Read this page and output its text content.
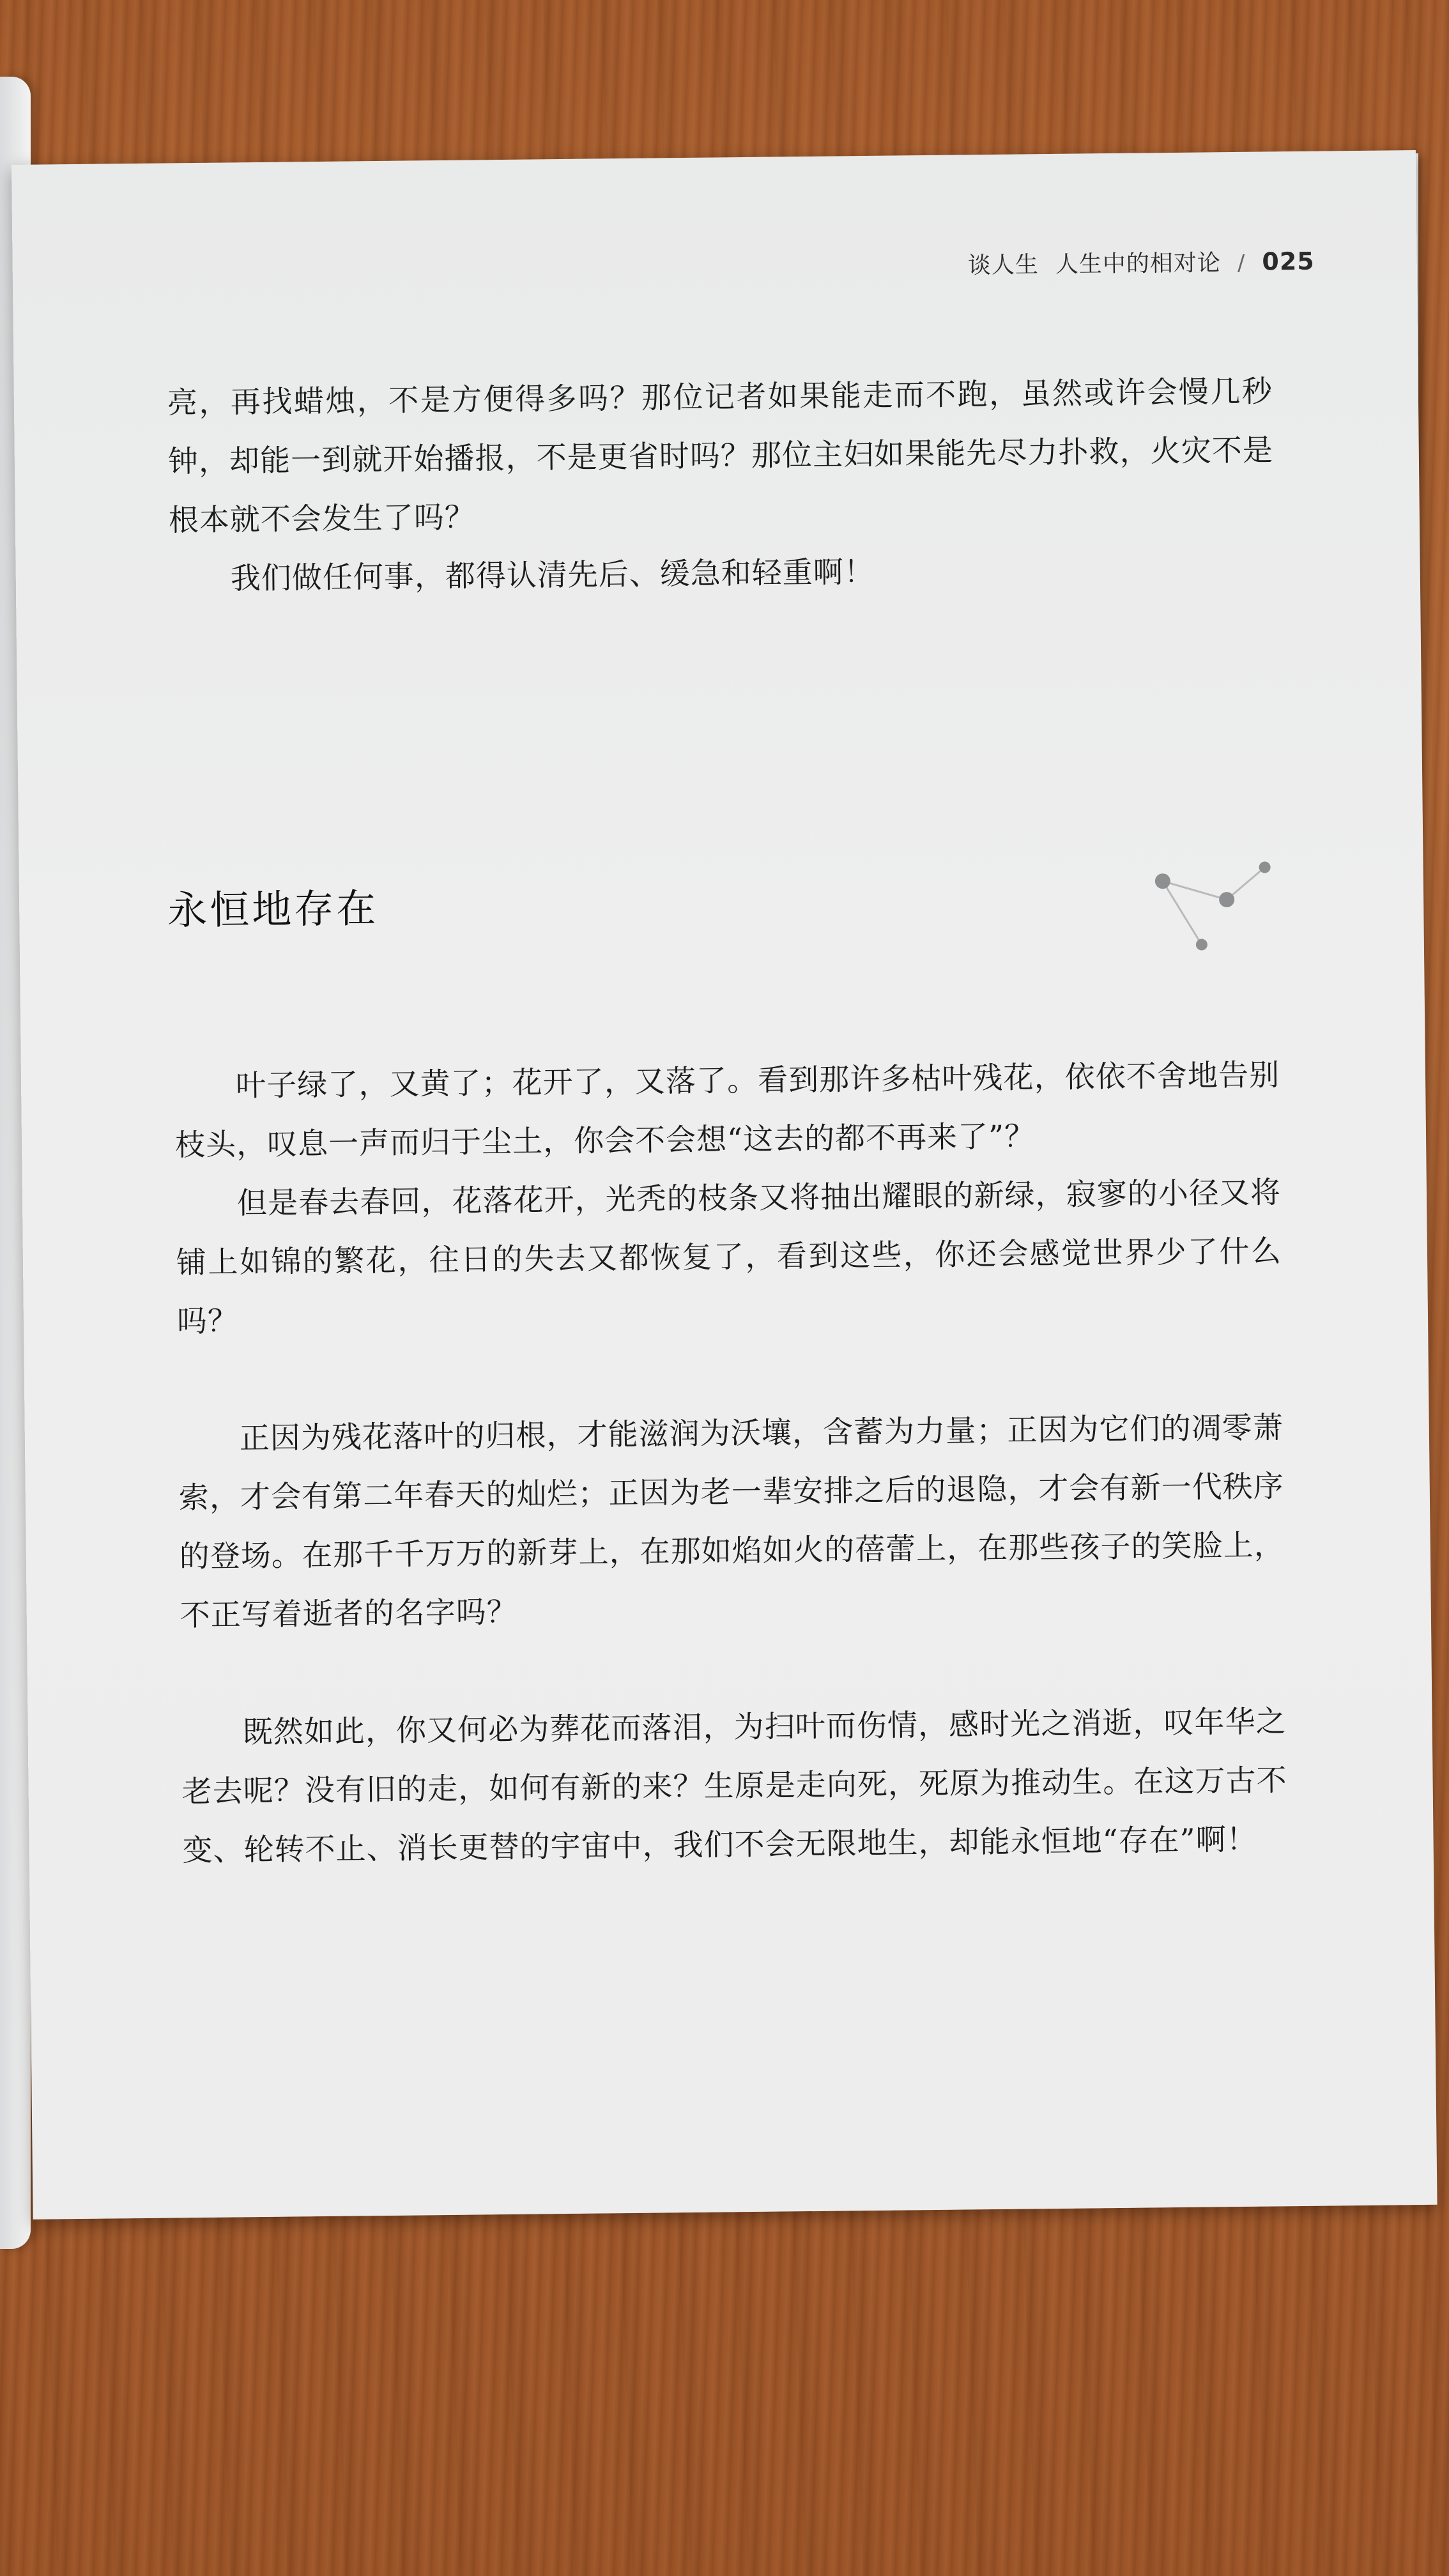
谈人生 人生中的相对论 / 025

亮，再找蜡烛，不是方便得多吗？那位记者如果能走而不跑，虽然或许会慢几秒钟，却能一到就开始播报，不是更省时吗？那位主妇如果能先尽力扑救，火灾不是根本就不会发生了吗？

我们做任何事，都得认清先后、缓急和轻重啊！

永恒地存在

叶子绿了，又黄了；花开了，又落了。看到那许多枯叶残花，依依不舍地告别枝头，叹息一声而归于尘土，你会不会想“这去的都不再来了”？

但是春去春回，花落花开，光秃的枝条又将抽出耀眼的新绿，寂寥的小径又将铺上如锦的繁花，往日的失去又都恢复了，看到这些，你还会感觉世界少了什么吗？

正因为残花落叶的归根，才能滋润为沃壤，含蓄为力量；正因为它们的凋零萧索，才会有第二年春天的灿烂；正因为老一辈安排之后的退隐，才会有新一代秩序的登场。在那千千万万的新芽上，在那如焰如火的蓓蕾上，在那些孩子的笑脸上，不正写着逝者的名字吗？

既然如此，你又何必为葬花而落泪，为扫叶而伤情，感时光之消逝，叹年华之老去呢？没有旧的走，如何有新的来？生原是走向死，死原为推动生。在这万古不变、轮转不止、消长更替的宇宙中，我们不会无限地生，却能永恒地“存在”啊！
